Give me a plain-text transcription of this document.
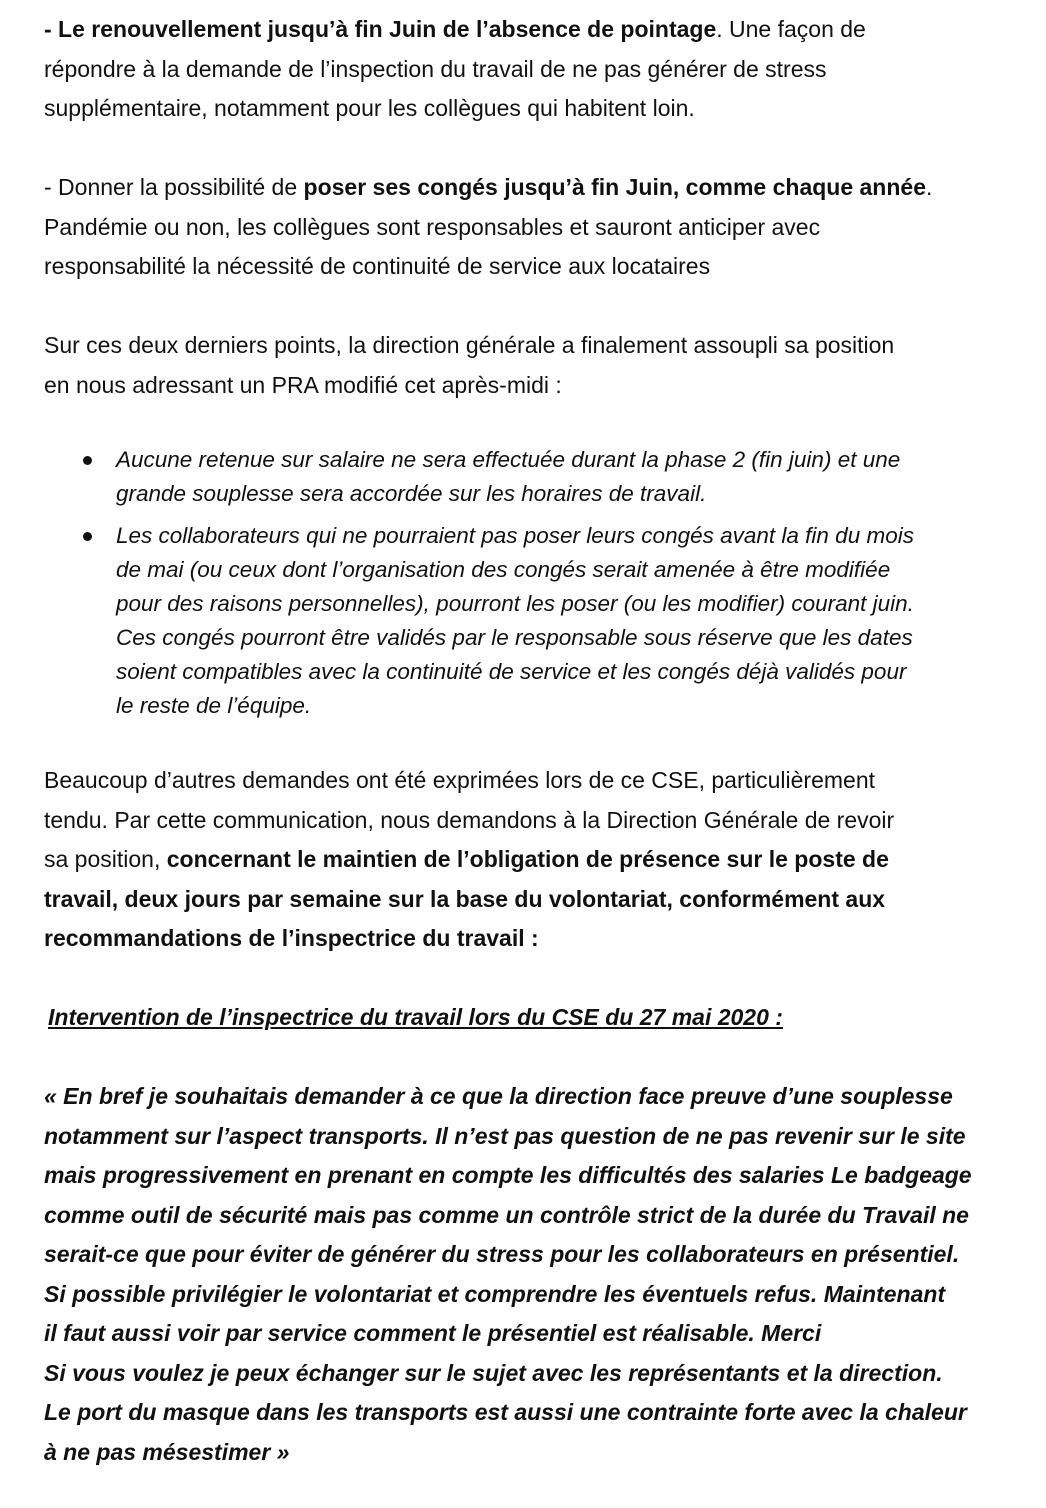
- Le renouvellement jusqu’à fin Juin de l’absence de pointage. Une façon de

répondre à la demande de l’inspection du travail de ne pas générer de stress

supplémentaire, notamment pour les collègues qui habitent loin.

- Donner la possibilité de poser ses congés jusqu’à fin Juin, comme chaque année.

Pandémie ou non, les collègues sont responsables et sauront anticiper avec

responsabilité la nécessité de continuité de service aux locataires

Sur ces deux derniers points, la direction générale a finalement assoupli sa position

en nous adressant un PRA modifié cet après-midi :

Aucune retenue sur salaire ne sera effectuée durant la phase 2 (fin juin) et une

grande souplesse sera accordée sur les horaires de travail.

Les collaborateurs qui ne pourraient pas poser leurs congés avant la fin du mois

de mai (ou ceux dont l’organisation des congés serait amenée à être modifiée

pour des raisons personnelles), pourront les poser (ou les modifier) courant juin.

Ces congés pourront être validés par le responsable sous réserve que les dates

soient compatibles avec la continuité de service et les congés déjà validés pour

le reste de l’équipe.

Beaucoup d’autres demandes ont été exprimées lors de ce CSE, particulièrement

tendu. Par cette communication, nous demandons à la Direction Générale de revoir

sa position, concernant le maintien de l’obligation de présence sur le poste de

travail, deux jours par semaine sur la base du volontariat, conformément aux

recommandations de l’inspectrice du travail :

Intervention de l’inspectrice du travail lors du CSE du 27 mai 2020 :

« En bref je souhaitais demander à ce que la direction face preuve d’une souplesse

notamment sur l’aspect transports. Il n’est pas question de ne pas revenir sur le site

mais progressivement en prenant en compte les difficultés des salaries Le badgeage

comme outil de sécurité mais pas comme un contrôle strict de la durée du Travail ne

serait-ce que pour éviter de générer du stress pour les collaborateurs en présentiel.

Si possible privilégier le volontariat et comprendre les éventuels refus. Maintenant

il faut aussi voir par service comment le présentiel est réalisable. Merci

Si vous voulez je peux échanger sur le sujet avec les représentants et la direction.

Le port du masque dans les transports est aussi une contrainte forte avec la chaleur

à ne pas mésestimer »
